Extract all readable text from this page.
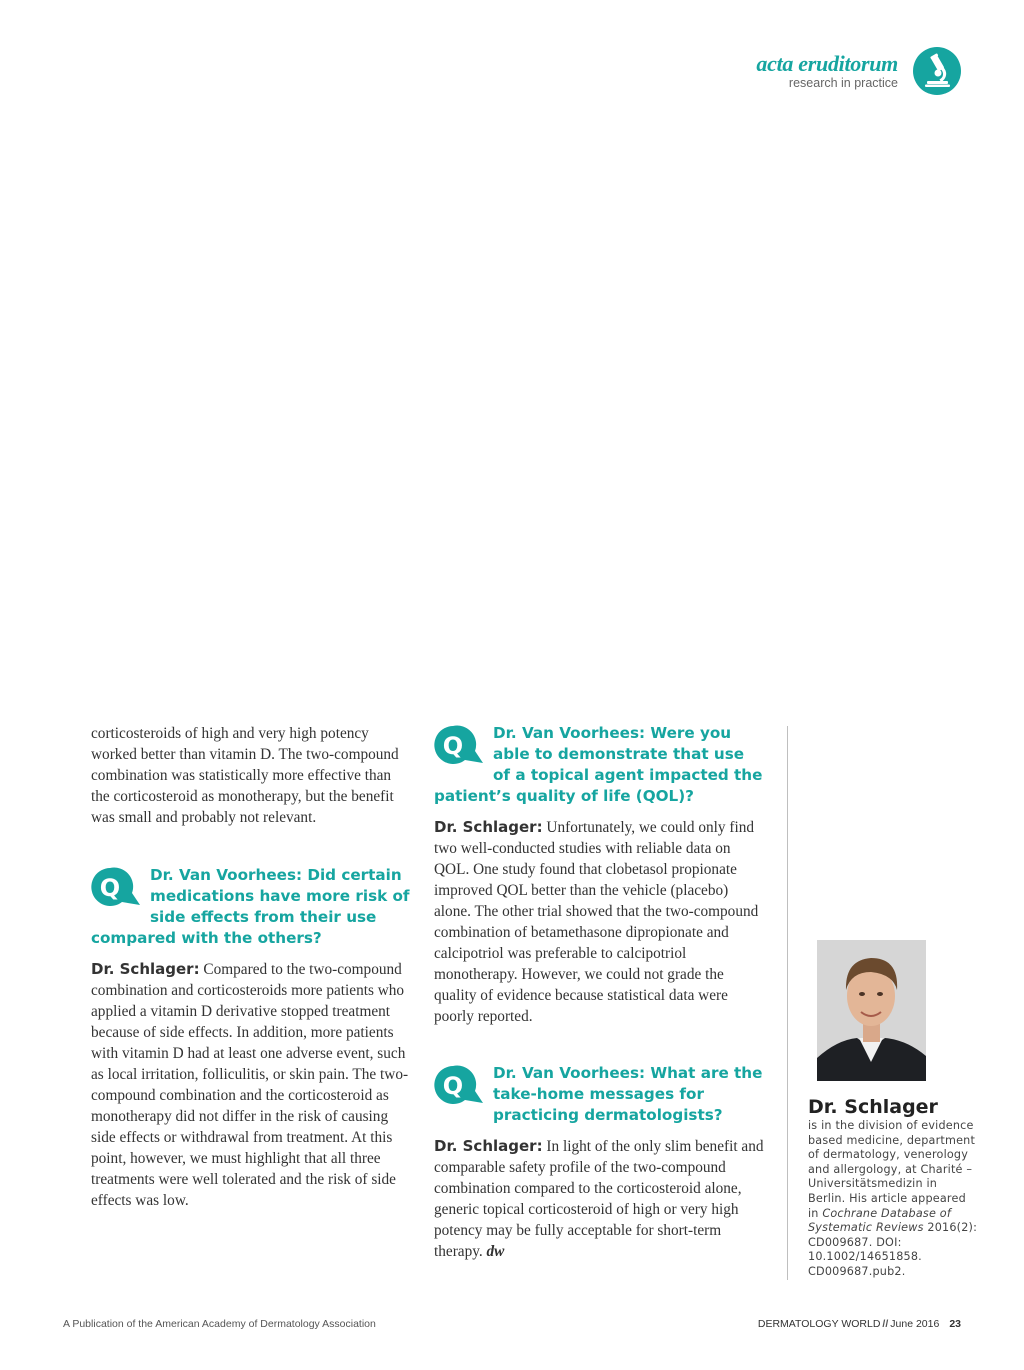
acta eruditorum
research in practice

corticosteroids of high and very high potency worked better than vitamin D. The two-compound combination was statistically more effective than the corticosteroid as monotherapy, but the benefit was small and probably not relevant.

Q	Dr. Van Voorhees: Did certain medications have more risk of side effects from their use compared with the others?

Dr. Schlager: Compared to the two-compound combination and corticosteroids more patients who applied a vitamin D derivative stopped treatment because of side effects. In addition, more patients with vitamin D had at least one adverse event, such as local irritation, folliculitis, or skin pain. The two-compound combination and the corticosteroid as monotherapy did not differ in the risk of causing side effects or withdrawal from treatment. At this point, however, we must highlight that all three treatments were well tolerated and the risk of side effects was low.

Q	Dr. Van Voorhees: Were you able to demonstrate that use of a topical agent impacted the patient’s quality of life (QOL)?

Dr. Schlager: Unfortunately, we could only find two well-conducted studies with reliable data on QOL. One study found that clobetasol propionate improved QOL better than the vehicle (placebo) alone. The other trial showed that the two-compound combination of betamethasone dipropionate and calcipotriol was preferable to calcipotriol monotherapy. However, we could not grade the quality of evidence because statistical data were poorly reported.

Q	Dr. Van Voorhees: What are the take-home messages for practicing dermatologists?

Dr. Schlager: In light of the only slim benefit and comparable safety profile of the two-compound combination compared to the corticosteroid alone, generic topical corticosteroid of high or very high potency may be fully acceptable for short-term therapy. dw

Dr. Schlager

is in the division of evidence based medicine, department of dermatology, venerology and allergology, at Charité – Universitätsmedizin in Berlin. His article appeared in Cochrane Database of Systematic Reviews 2016(2): CD009687. DOI: 10.1002/14651858. CD009687.pub2.

A Publication of the American Academy of Dermatology Association	DERMATOLOGY WORLD // June 2016 23
